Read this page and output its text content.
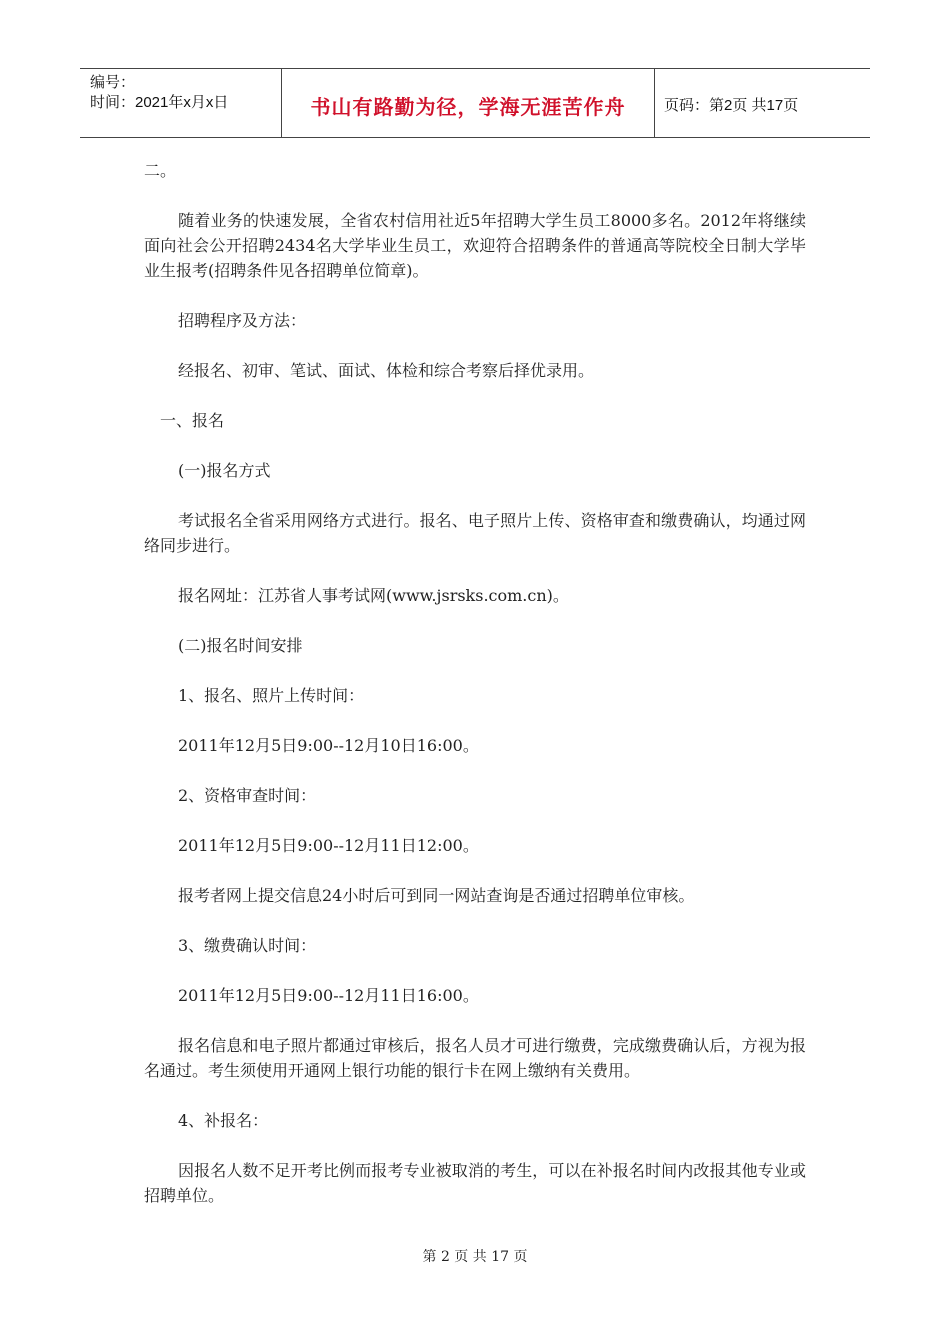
编号：
时间：2021年x月x日	书山有路勤为径，学海无涯苦作舟	页码：第2页 共17页

二。

随着业务的快速发展，全省农村信用社近5年招聘大学生员工8000多名。2012年将继续面向社会公开招聘2434名大学毕业生员工，欢迎符合招聘条件的普通高等院校全日制大学毕业生报考(招聘条件见各招聘单位简章)。

招聘程序及方法：

经报名、初审、笔试、面试、体检和综合考察后择优录用。

一、报名

(一)报名方式

考试报名全省采用网络方式进行。报名、电子照片上传、资格审查和缴费确认，均通过网络同步进行。

报名网址：江苏省人事考试网(www.jsrsks.com.cn)。

(二)报名时间安排

1、报名、照片上传时间：

2011年12月5日9:00--12月10日16:00。

2、资格审查时间：

2011年12月5日9:00--12月11日12:00。

报考者网上提交信息24小时后可到同一网站查询是否通过招聘单位审核。

3、缴费确认时间：

2011年12月5日9:00--12月11日16:00。

报名信息和电子照片都通过审核后，报名人员才可进行缴费，完成缴费确认后，方视为报名通过。考生须使用开通网上银行功能的银行卡在网上缴纳有关费用。

4、补报名：

因报名人数不足开考比例而报考专业被取消的考生，可以在补报名时间内改报其他专业或招聘单位。

第 2 页 共 17 页
